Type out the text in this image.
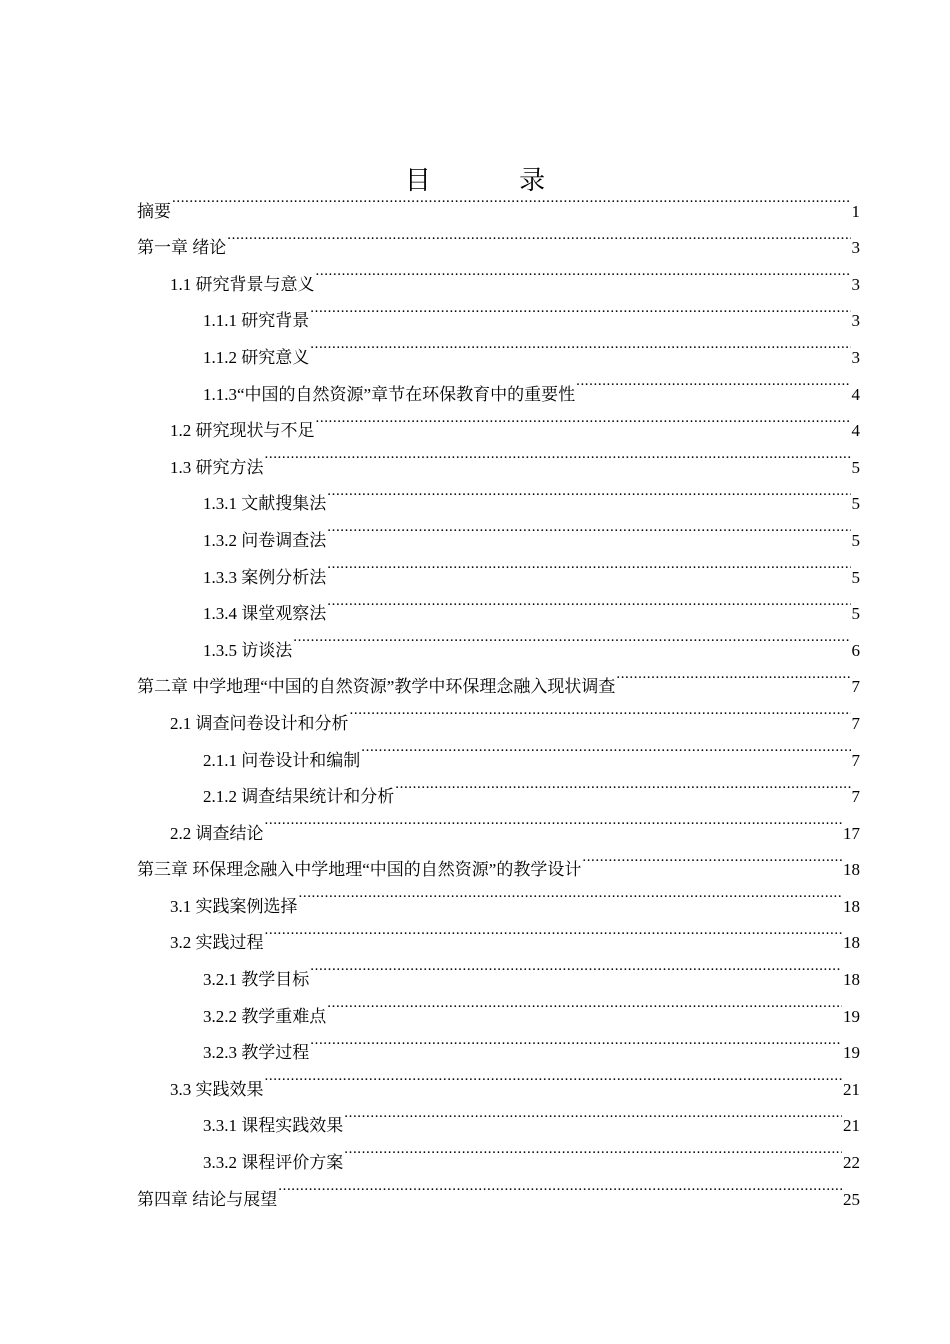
目 录
摘要 .....	1
第一章 绪论 .....	3
1.1 研究背景与意义 .....	3
1.1.1 研究背景 .....	3
1.1.2 研究意义 .....	3
1.1.3“中国的自然资源”章节在环保教育中的重要性 .....	4
1.2 研究现状与不足 .....	4
1.3 研究方法 .....	5
1.3.1 文献搜集法 .....	5
1.3.2 问卷调查法 .....	5
1.3.3 案例分析法 .....	5
1.3.4 课堂观察法 .....	5
1.3.5 访谈法 .....	6
第二章 中学地理“中国的自然资源”教学中环保理念融入现状调查 .....	7
2.1 调查问卷设计和分析 .....	7
2.1.1 问卷设计和编制 .....	7
2.1.2 调查结果统计和分析 .....	7
2.2 调查结论 .....	17
第三章 环保理念融入中学地理“中国的自然资源”的教学设计 .....	18
3.1 实践案例选择 .....	18
3.2 实践过程 .....	18
3.2.1 教学目标 .....	18
3.2.2 教学重难点 .....	19
3.2.3 教学过程 .....	19
3.3 实践效果 .....	21
3.3.1 课程实践效果 .....	21
3.3.2 课程评价方案 .....	22
第四章 结论与展望 .....	25
